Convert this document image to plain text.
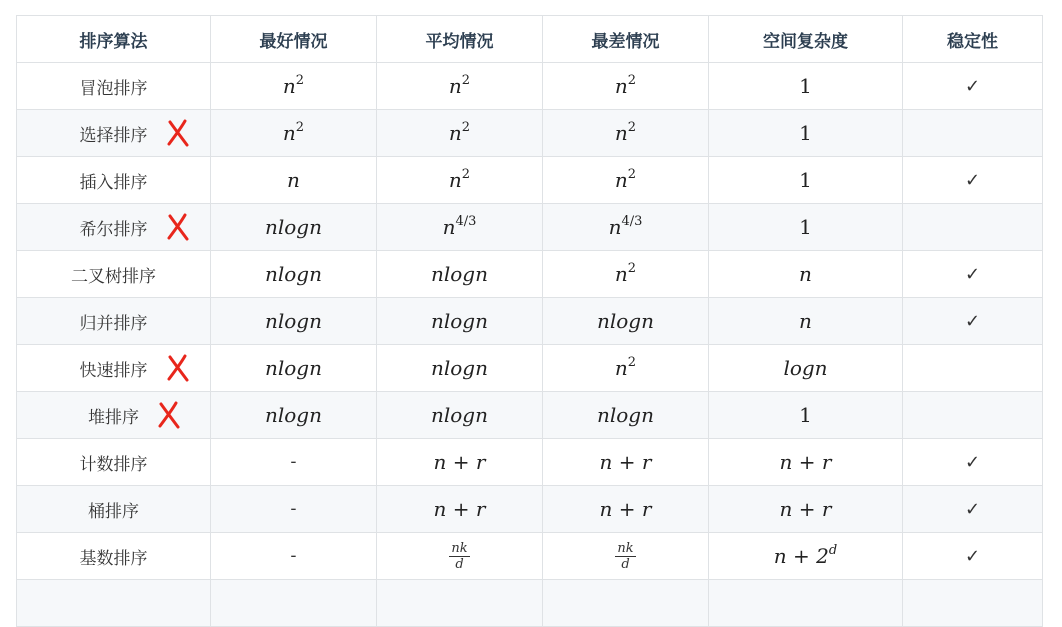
排序算法	最好情况	平均情况	最差情况	空间复杂度	稳定性

冒泡排序	$n^2$	$n^2$	$n^2$	1	✓

选择排序	$n^2$	$n^2$	$n^2$	1	

插入排序	n	$n^2$	$n^2$	1	✓

希尔排序	nlogn	$n^{4/3}$	$n^{4/3}$	1	

二叉树排序	nlogn	nlogn	$n^2$	n	✓

归并排序	nlogn	nlogn	nlogn	n	✓

快速排序	nlogn	nlogn	$n^2$	logn	

堆排序	nlogn	nlogn	nlogn	1	

计数排序	-	n + r	n + r	n + r	✓

桶排序	-	n + r	n + r	n + r	✓

基数排序	-	$\frac{nk}{d}$	$\frac{nk}{d}$	$n + 2^d$	✓
